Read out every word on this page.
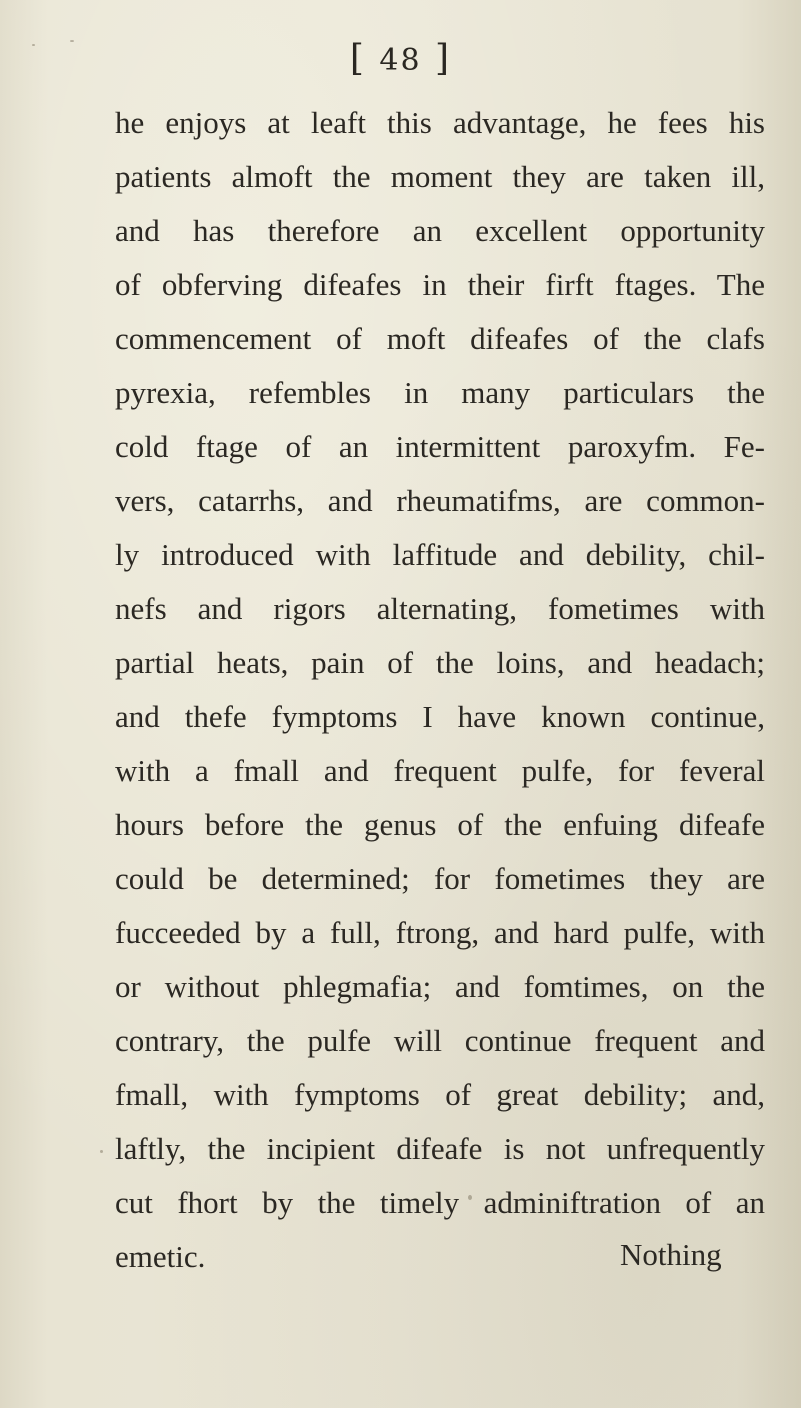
[ 48 ]
he enjoys at leaft this advantage, he fees his
patients almoft the moment they are taken ill,
and has therefore an excellent opportunity
of obferving difeafes in their firft ftages. The
commencement of moft difeafes of the clafs
pyrexia, refembles in many particulars the
cold ftage of an intermittent paroxyfm. Fe-
vers, catarrhs, and rheumatifms, are common-
ly introduced with laffitude and debility, chil-
nefs and rigors alternating, fometimes with
partial heats, pain of the loins, and headach;
and thefe fymptoms I have known continue,
with a fmall and frequent pulfe, for feveral
hours before the genus of the enfuing difeafe
could be determined; for fometimes they are
fucceeded by a full, ftrong, and hard pulfe, with
or without phlegmafia; and fomtimes, on the
contrary, the pulfe will continue frequent and
fmall, with fymptoms of great debility; and,
laftly, the incipient difeafe is not unfrequently
cut fhort by the timely adminiftration of an
emetic.	Nothing
